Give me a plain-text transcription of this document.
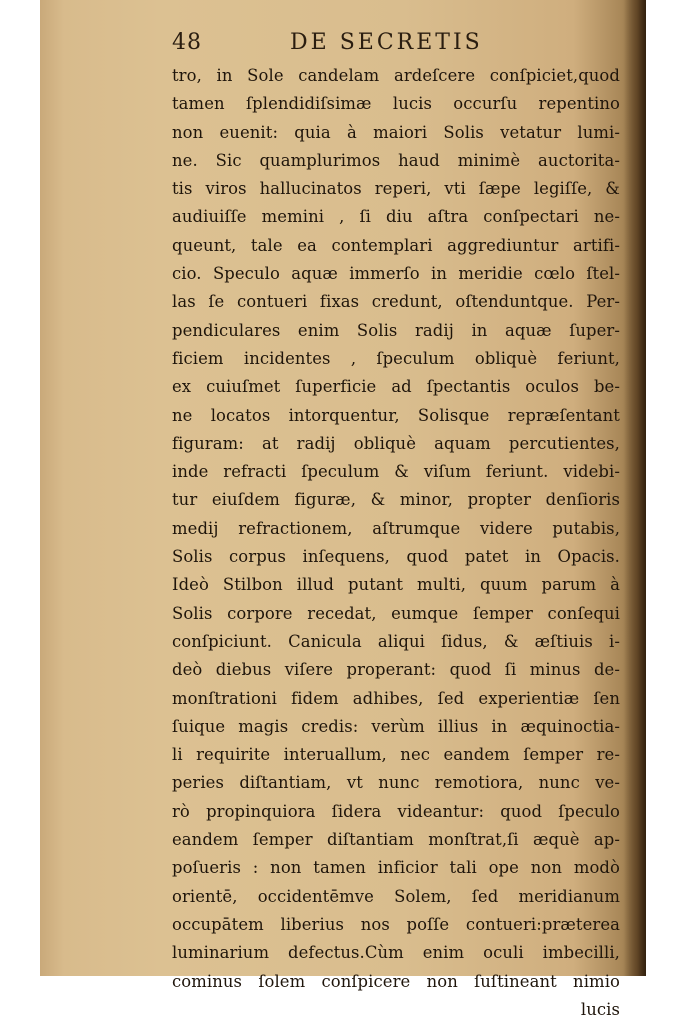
48	DE SECRETIS
tro, in Sole candelam ardeſcere conſpiciet,quod
tamen ſplendidiſsimæ lucis occurſu repentino
non euenit: quia à maiori Solis vetatur lumi-
ne. Sic quamplurimos haud minimè auctorita-
tis viros hallucinatos reperi, vti ſæpe legiſſe, &
audiuiſſe memini , ſi diu aſtra conſpectari ne-
queunt, tale ea contemplari aggrediuntur artifi-
cio. Speculo aquæ immerſo in meridie cœlo ſtel-
las ſe contueri fixas credunt, oſtenduntque. Per-
pendiculares enim Solis radij in aquæ ſuper-
ficiem incidentes , ſpeculum obliquè feriunt,
ex cuiuſmet ſuperficie ad ſpectantis oculos be-
ne locatos intorquentur, Solisque repræſentant
figuram: at radij obliquè aquam percutientes,
inde refracti ſpeculum & viſum feriunt. videbi-
tur eiuſdem figuræ, & minor, propter denſioris
medij refractionem, aſtrumque videre putabis,
Solis corpus inſequens, quod patet in Opacis.
Ideò Stilbon illud putant multi, quum parum à
Solis corpore recedat, eumque ſemper conſequi
conſpiciunt. Canicula aliqui ſidus, & æſtiuis i-
deò diebus viſere properant: quod ſi minus de-
monſtrationi fidem adhibes, ſed experientiæ ſen
ſuique magis credis: verùm illius in æquinoctia-
li requirite interuallum, nec eandem ſemper re-
peries diſtantiam, vt nunc remotiora, nunc ve-
rò propinquiora ſidera videantur: quod ſpeculo
eandem ſemper diſtantiam monſtrat,ſi æquè ap-
poſueris : non tamen inficior tali ope non modò
orientē, occidentēmve Solem, ſed meridianum
occupātem liberius nos poſſe contueri:præterea
luminarium defectus.Cùm enim oculi imbecilli,
cominus ſolem conſpicere non ſuſtineant nimio
lucis
